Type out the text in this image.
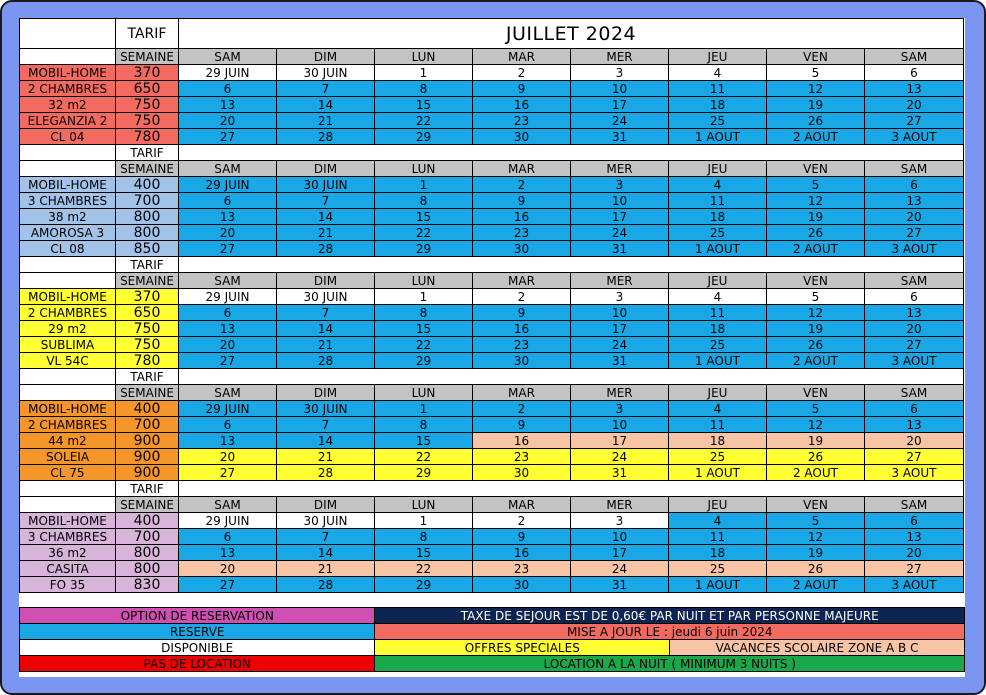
	TARIF	JUILLET 2024							
	SEMAINE	SAM	DIM	LUN	MAR	MER	JEU	VEN	SAM
MOBIL-HOME	370	29 JUIN	30 JUIN	1	2	3	4	5	6
2 CHAMBRES	650	6	7	8	9	10	11	12	13
32 m2	750	13	14	15	16	17	18	19	20
ELEGANZIA 2	750	20	21	22	23	24	25	26	27
CL 04	780	27	28	29	30	31	1 AOUT	2 AOUT	3 AOUT
	TARIF								
	SEMAINE	SAM	DIM	LUN	MAR	MER	JEU	VEN	SAM
MOBIL-HOME	400	29 JUIN	30 JUIN	1	2	3	4	5	6
3 CHAMBRES	700	6	7	8	9	10	11	12	13
38 m2	800	13	14	15	16	17	18	19	20
AMOROSA 3	800	20	21	22	23	24	25	26	27
CL 08	850	27	28	29	30	31	1 AOUT	2 AOUT	3 AOUT
	TARIF								
	SEMAINE	SAM	DIM	LUN	MAR	MER	JEU	VEN	SAM
MOBIL-HOME	370	29 JUIN	30 JUIN	1	2	3	4	5	6
2 CHAMBRES	650	6	7	8	9	10	11	12	13
29 m2	750	13	14	15	16	17	18	19	20
SUBLIMA	750	20	21	22	23	24	25	26	27
VL 54C	780	27	28	29	30	31	1 AOUT	2 AOUT	3 AOUT
	TARIF								
	SEMAINE	SAM	DIM	LUN	MAR	MER	JEU	VEN	SAM
MOBIL-HOME	400	29 JUIN	30 JUIN	1	2	3	4	5	6
2 CHAMBRES	700	6	7	8	9	10	11	12	13
44 m2	900	13	14	15	16	17	18	19	20
SOLEIA	900	20	21	22	23	24	25	26	27
CL 75	900	27	28	29	30	31	1 AOUT	2 AOUT	3 AOUT
	TARIF								
	SEMAINE	SAM	DIM	LUN	MAR	MER	JEU	VEN	SAM
MOBIL-HOME	400	29 JUIN	30 JUIN	1	2	3	4	5	6
3 CHAMBRES	700	6	7	8	9	10	11	12	13
36 m2	800	13	14	15	16	17	18	19	20
CASITA	800	20	21	22	23	24	25	26	27
FO 35	830	27	28	29	30	31	1 AOUT	2 AOUT	3 AOUT
OPTION DE RESERVATION	TAXE DE SEJOUR EST DE 0,60€ PAR NUIT ET PAR PERSONNE MAJEURE	
RESERVE	MISE A JOUR LE : jeudi 6 juin 2024	
DISPONIBLE	OFFRES SPECIALES	VACANCES SCOLAIRE ZONE A B C
PAS DE LOCATION	LOCATION A LA NUIT ( MINIMUM 3 NUITS )	
